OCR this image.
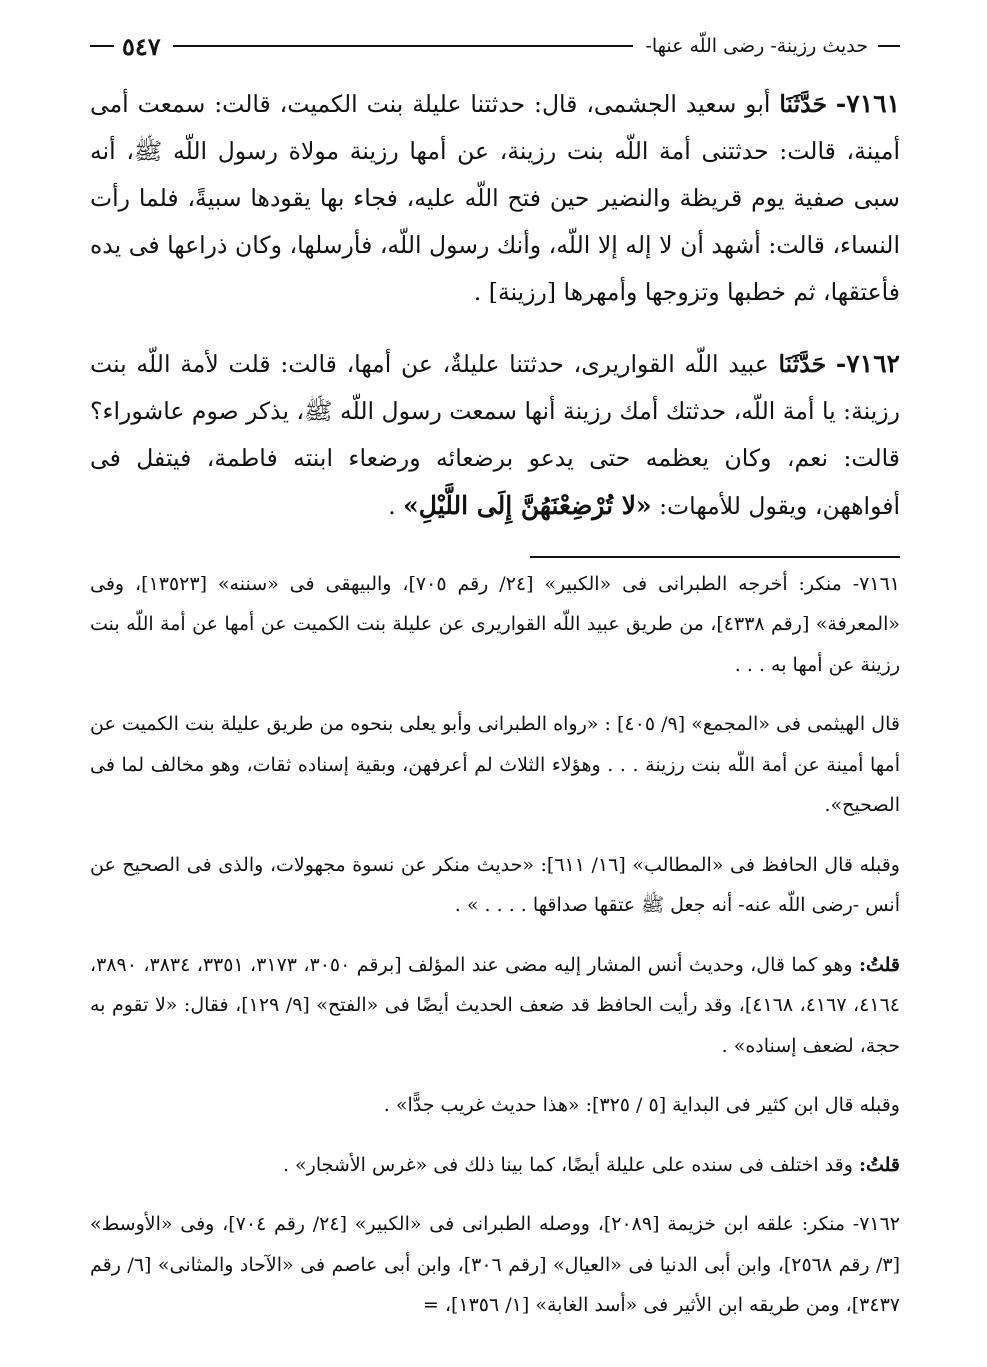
حديث رزينة- رضى اللّه عنها-
٥٤٧

٧١٦١- حَدَّثَنَا أبو سعيد الجشمى، قال: حدثتنا عليلة بنت الكميت، قالت: سمعت أمى أمينة، قالت: حدثتنى أمة اللّه بنت رزينة، عن أمها رزينة مولاة رسول اللّه ﷺ، أنه سبى صفية يوم قريظة والنضير حين فتح اللّه عليه، فجاء بها يقودها سبيةً، فلما رأت النساء، قالت: أشهد أن لا إله إلا اللّه، وأنك رسول اللّه، فأرسلها، وكان ذراعها فى يده فأعتقها، ثم خطبها وتزوجها وأمهرها [رزينة] .

٧١٦٢- حَدَّثَنَا عبيد اللّه القواريرى، حدثتنا عليلةٌ، عن أمها، قالت: قلت لأمة اللّه بنت رزينة: يا أمة اللّه، حدثتك أمك رزينة أنها سمعت رسول اللّه ﷺ، يذكر صوم عاشوراء؟ قالت: نعم، وكان يعظمه حتى يدعو برضعائه ورضعاء ابنته فاطمة، فيتفل فى أفواههن، ويقول للأمهات: «لا تُرْضِعْنَهُنَّ إِلَى اللَّيْلِ» .

٧١٦١- منكر: أخرجه الطبرانى فى «الكبير» [٢٤/ رقم ٧٠٥]، والبيهقى فى «سننه» [١٣٥٢٣]، وفى «المعرفة» [رقم ٤٣٣٨]، من طريق عبيد اللّه القواريرى عن عليلة بنت الكميت عن أمها عن أمة اللّه بنت رزينة عن أمها به . . .

قال الهيثمى فى «المجمع» [٩/ ٤٠٥] : «رواه الطبرانى وأبو يعلى بنحوه من طريق عليلة بنت الكميت عن أمها أمينة عن أمة اللّه بنت رزينة . . . وهؤلاء الثلاث لم أعرفهن، وبقية إسناده ثقات، وهو مخالف لما فى الصحيح».

وقبله قال الحافظ فى «المطالب» [١٦/ ٦١١]: «حديث منكر عن نسوة مجهولات، والذى فى الصحيح عن أنس -رضى اللّه عنه- أنه جعل ﷺ عتقها صداقها . . . . » .

قلتُ: وهو كما قال، وحديث أنس المشار إليه مضى عند المؤلف [برقم ٣٠٥٠، ٣١٧٣، ٣٣٥١، ٣٨٣٤، ٣٨٩٠، ٤١٦٤، ٤١٦٧، ٤١٦٨]، وقد رأيت الحافظ قد ضعف الحديث أيضًا فى «الفتح» [٩/ ١٢٩]، فقال: «لا تقوم به حجة، لضعف إسناده» .

وقبله قال ابن كثير فى البداية [٥ / ٣٢٥]: «هذا حديث غريب جدًّا» .

قلتُ: وقد اختلف فى سنده على عليلة أيضًا، كما بينا ذلك فى «غرس الأشجار» .

٧١٦٢- منكر: علقه ابن خزيمة [٢٠٨٩]، ووصله الطبرانى فى «الكبير» [٢٤/ رقم ٧٠٤]، وفى «الأوسط» [٣/ رقم ٢٥٦٨]، وابن أبى الدنيا فى «العيال» [رقم ٣٠٦]، وابن أبى عاصم فى «الآحاد والمثانى» [٦/ رقم ٣٤٣٧]، ومن طريقه ابن الأثير فى «أسد الغابة» [١/ ١٣٥٦]، =
